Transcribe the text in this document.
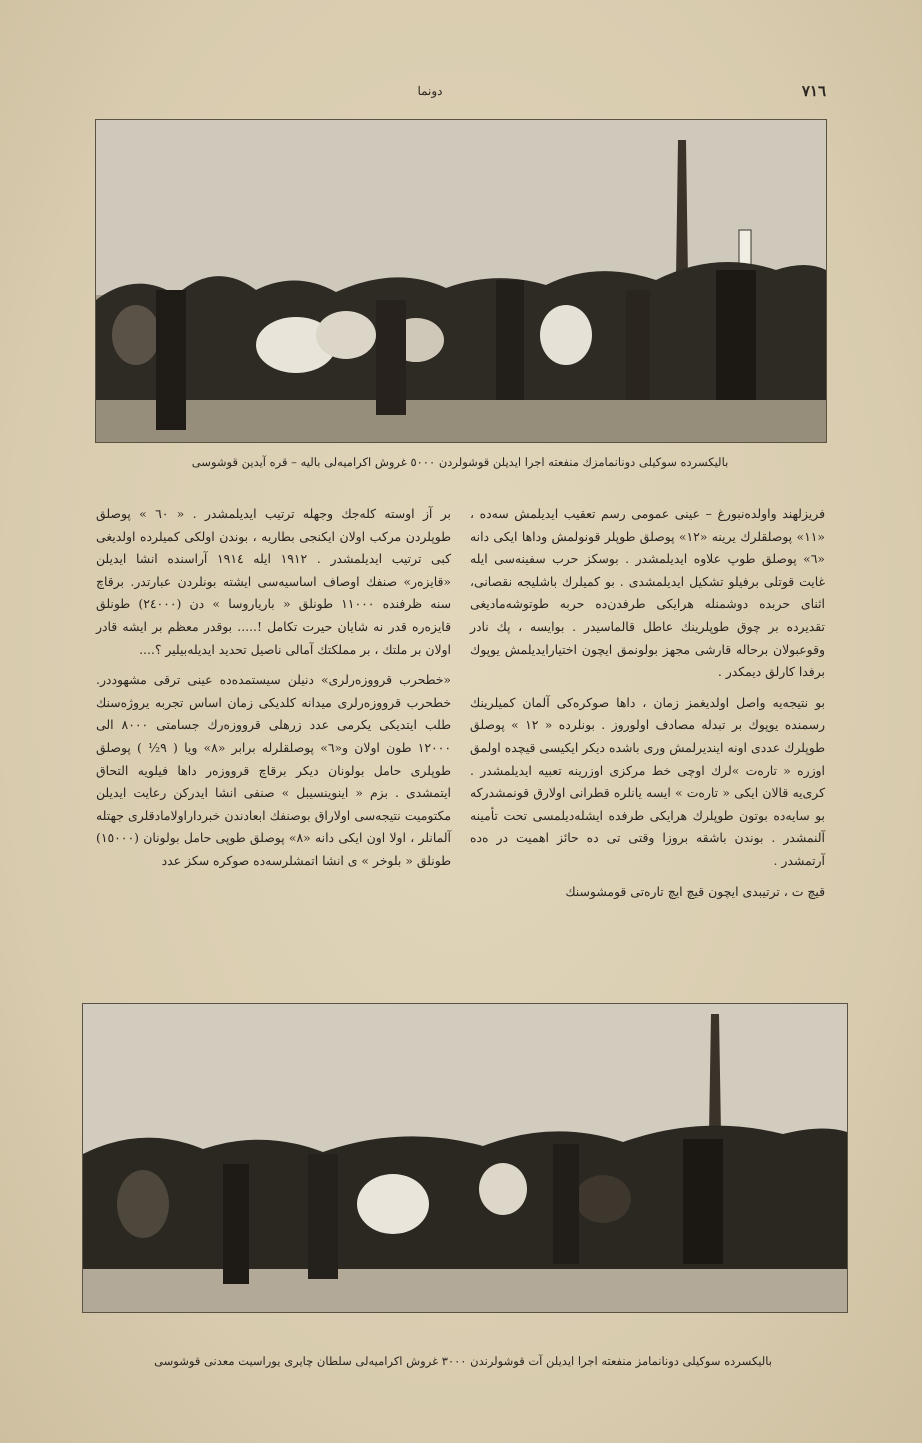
٧١٦
دونما
بالیکسرده سوکیلی دونانمامزك منفعته اجرا ایدیلن قوشولردن ٥٠٠٠ غروش اکرامیه‌لی بالیه – قره آیدین قوشوسی

فریزلهند واولدەنبورغ – عینی عمومی رسم تعقیب ایدیلمش سه‌ده ، «١١» پوصلقلرك یرینه «١٢» پوصلق طوپلر قونولمش وداها ایکی دانه «٦» پوصلق طوپ علاوه ایدیلمشدر . بوسکز حرب سفینه‌سی ایله غایت قوتلی برفیلو تشکیل ایدیلمشدی . بو کمیلرك باشلیجه نقصانی، اثنای حربده دوشمنله هرایکی طرفدن‌ده حربه طوتوشه‌مادیغی تقدیرده بر چوق طوپلرینك عاطل قالماسیدر . بوایسه ، پك نادر وقوعبولان برحاله قارشی مجهز بولونمق ایچون اختیارایدیلمش یوپوك برفدا کارلق دیمکدر .

بو نتیجه‌یه واصل اولدیغمز زمان ، داها صوکره‌کی آلمان کمیلرینك رسمنده یوپوك بر تبدله مصادف اولوروز . بونلرده « ١٢ » پوصلق طوپلرك عددی اونه ایندیرلمش وری باشده دیکر ایکیسی قیچده اولمق اوزره « تارەت »لرك اوچی خط مرکزی اوزرینه تعبیه ایدیلمشدر . کری‌یه قالان ایکی « تارەت » ایسه یانلره قطرانی اولارق قونمشدرکه بو سایه‌ده بوتون طوپلرك هرایکی طرفده ایشله‌دیلمسی تحت تأمینه آلنمشدر . بوندن باشقه بروزا وقتی تی ده حائز اهمیت در ەده آرتمشدر .

قیچ ت ، ترتیبدی ایچون قیچ ایچ تارەتی قومشوسنك

بر آز اوسته کلەجك وجهله ترتیب ایدیلمشدر . « ٦٠ » پوصلق طوپلردن مرکب اولان ایکنجی بطاریه ، بوندن اولکی کمیلرده اولدیغی کبی ترتیب ایدیلمشدر . ١٩١٢ ایله ١٩١٤ آراسنده انشا ایدیلن «قایزەر» صنفك اوصاف اساسیه‌سی ایشته بونلردن عبارتدر. برقاچ سنه ظرفنده ١١٠٠٠ طونلق « باریاروسا » دن (٢٤٠٠٠) طونلق قایزەره قدر نه شایان حیرت تکامل !..... بوقدر معظم بر ایشه قادر اولان بر ملتك ، بر مملکتك آمالی ناصیل تحدید ایدیله‌بیلیر ؟....

«خطحرب قرووزەرلری» دنیلن سیستمده‌ده عینی ترقی مشهوددر. خطحرب قرووزەرلری میدانه کلدیکی زمان اساس تجربه یروژه‌سنك طلب ایتدیکی یکرمی عدد زرهلی قرووزەرك جسامتی ٨٠٠٠ الی ١٢٠٠٠ طون اولان و«٦» پوصلقلرله برابر «٨» ویا ( ٩½ ) پوصلق طوپلری حامل بولونان دیکر برقاچ قرووزەر داها فیلویه التحاق ایتمشدی . بزم « اینوینسیبل » صنفی انشا ایدرکن رعایت ایدیلن مکتومیت نتیجه‌سی اولاراق بوصنفك ابعادندن خبرداراولامادقلری جهتله آلمانلر ، اولا اون ایکی دانه «٨» پوصلق طوپی حامل بولونان (١٥٠٠٠) طونلق « بلوخر » ی انشا اتمشلرسه‌ده صوکره سکز عدد

بالیکسرده سوکیلی دونانمامز منفعته اجرا ایدیلن آت قوشولرندن ٣٠٠٠ غروش اکرامیه‌لی سلطان چایری یوراسیت معدنی قوشوسی
